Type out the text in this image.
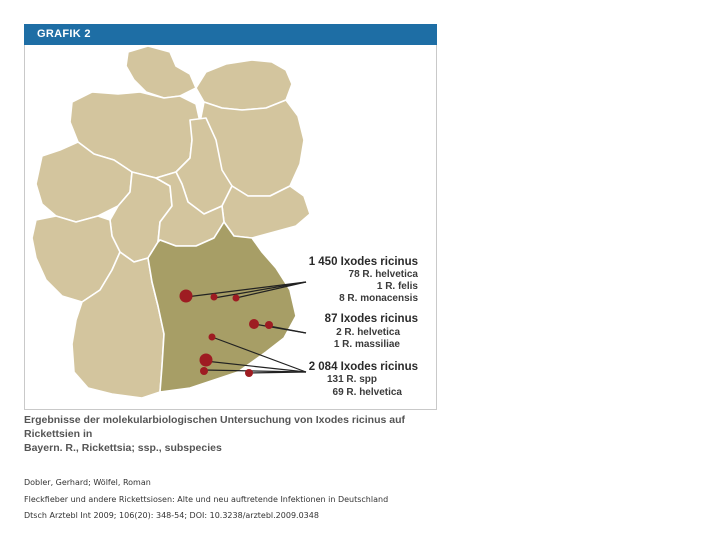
GRAFIK 2
1 450 Ixodes ricinus
78 R. helvetica
1 R. felis
8 R. monacensis
87 Ixodes ricinus
2 R. helvetica
1 R. massiliae
2 084 Ixodes ricinus
131 R. spp
69 R. helvetica
Ergebnisse der molekularbiologischen Untersuchung von Ixodes ricinus auf Rickettsien in
Bayern. R., Rickettsia; ssp., subspecies
Dobler, Gerhard; Wölfel, Roman
Fleckfieber und andere Rickettsiosen: Alte und neu auftretende Infektionen in Deutschland
Dtsch Arztebl Int 2009; 106(20): 348-54; DOI: 10.3238/arztebl.2009.0348
